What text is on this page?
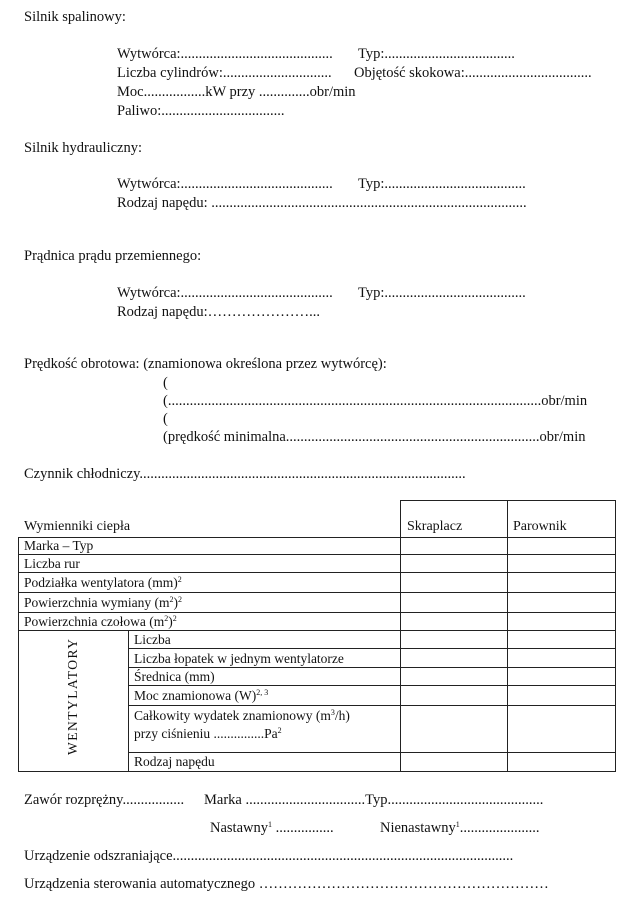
Silnik spalinowy:
Wytwórca:.......................................... Typ:....................................
Liczba cylindrów:.............................. Objętość skokowa:...................................
Moc.................kW przy ..............obr/min
Paliwo:..................................
Silnik hydrauliczny:
Wytwórca:.......................................... Typ:.......................................
Rodzaj napędu: .......................................................................................
Prądnica prądu przemiennego:
Wytwórca:.......................................... Typ:.......................................
Rodzaj napędu:…………………...
Prędkość obrotowa: (znamionowa określona przez wytwórcę):
(
(.......................................................................................................obr/min
(
(prędkość minimalna......................................................................obr/min
Czynnik chłodniczy..........................................................................................
Wymienniki ciepła	Skraplacz	Parownik
Marka – Typ
Liczba rur
Podziałka wentylatora (mm)$^2$
Powierzchnia wymiany $(m^2)^2$
Powierzchnia czołowa $(m^2)^2$
WENTYLATORY	Liczba
Liczba łopatek w jednym wentylatorze
Średnica (mm)
Moc znamionowa $(W)^{2, 3}$
Całkowity wydatek znamionowy $(m^3/h)$
przy ciśnieniu ...............Pa$^2$
Rodzaj napędu
Zawór rozprężny................. Marka .................................Typ...........................................
Nastawny$^1$ ................	Nienastawny$^1$......................
Urządzenie odszraniające..............................................................................................
Urządzenia sterowania automatycznego ……………………………………………………
